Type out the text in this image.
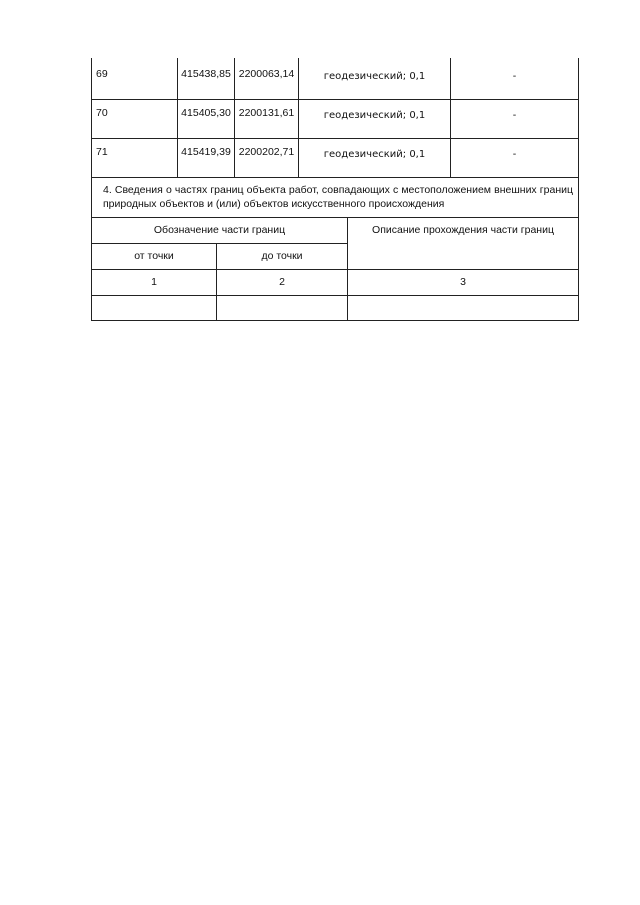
69	415438,85 2200063,14	геодезический; 0,1	-
70	415405,30 2200131,61	геодезический; 0,1	-
71	415419,39 2200202,71	геодезический; 0,1	-
4. Сведения о частях границ объекта работ, совпадающих с местоположением внешних границ природных объектов и (или) объектов искусственного происхождения
Обозначение части границ	Описание прохождения части границ
от точки	до точки
1	2	3
